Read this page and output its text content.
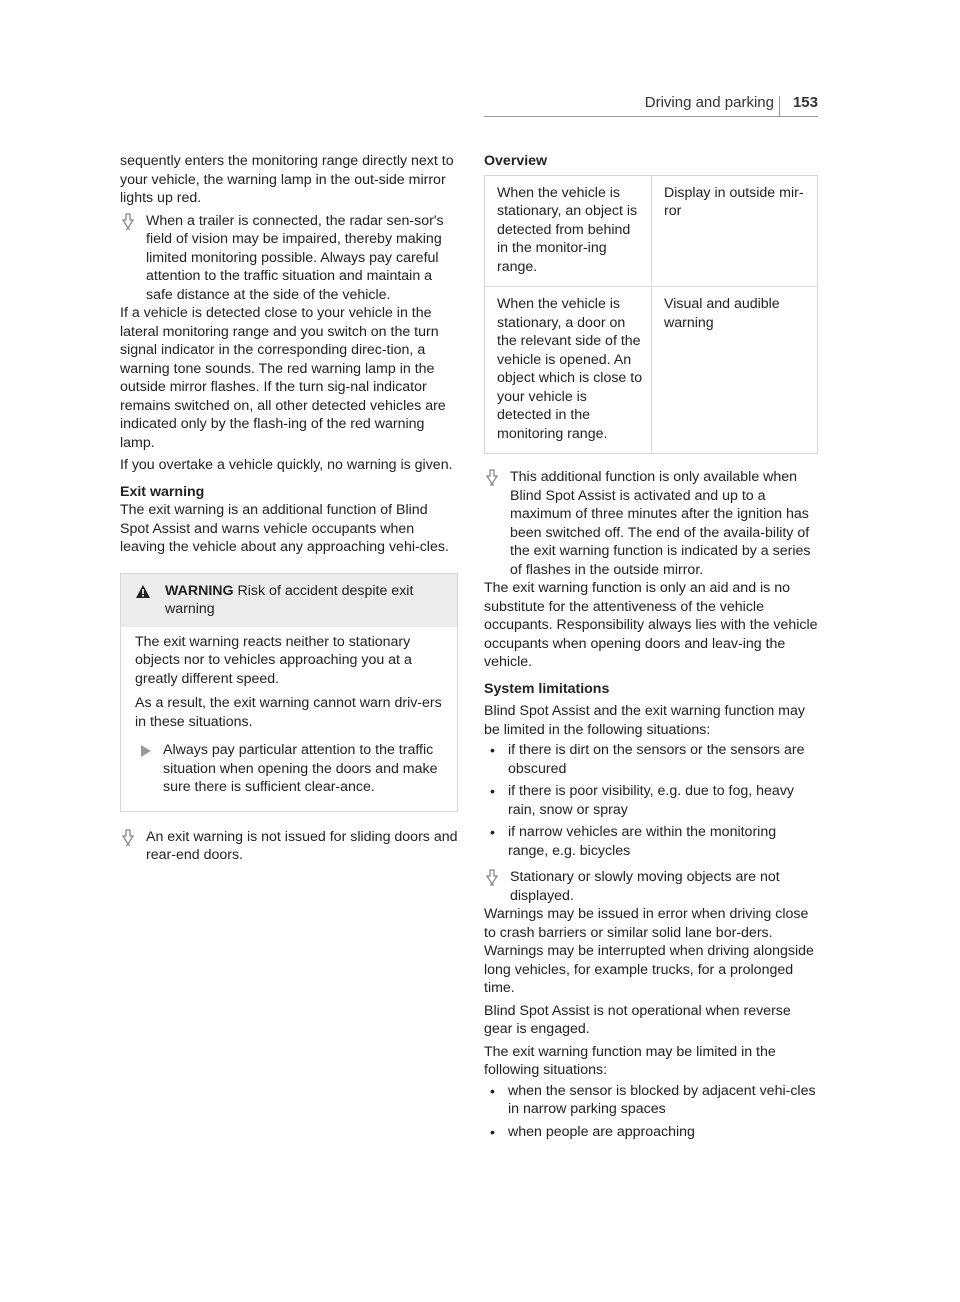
Driving and parking 153

sequently enters the monitoring range directly next to your vehicle, the warning lamp in the out-side mirror lights up red.

When a trailer is connected, the radar sen-sor's field of vision may be impaired, thereby making limited monitoring possible. Always pay careful attention to the traffic situation and maintain a safe distance at the side of the vehicle.

If a vehicle is detected close to your vehicle in the lateral monitoring range and you switch on the turn signal indicator in the corresponding direc-tion, a warning tone sounds. The red warning lamp in the outside mirror flashes. If the turn sig-nal indicator remains switched on, all other detected vehicles are indicated only by the flash-ing of the red warning lamp.

If you overtake a vehicle quickly, no warning is given.

Exit warning

The exit warning is an additional function of Blind Spot Assist and warns vehicle occupants when leaving the vehicle about any approaching vehi-cles.

WARNING Risk of accident despite exit warning

The exit warning reacts neither to stationary objects nor to vehicles approaching you at a greatly different speed.

As a result, the exit warning cannot warn driv-ers in these situations.

Always pay particular attention to the traffic situation when opening the doors and make sure there is sufficient clear-ance.
An exit warning is not issued for sliding doors and rear-end doors.

Overview

When the vehicle is stationary, an object is detected from behind in the monitor-ing range.	Display in outside mir-ror
When the vehicle is stationary, a door on the relevant side of the vehicle is opened. An object which is close to your vehicle is detected in the monitoring range.	Visual and audible warning
This additional function is only available when Blind Spot Assist is activated and up to a maximum of three minutes after the ignition has been switched off. The end of the availa-bility of the exit warning function is indicated by a series of flashes in the outside mirror.

The exit warning function is only an aid and is no substitute for the attentiveness of the vehicle occupants. Responsibility always lies with the vehicle occupants when opening doors and leav-ing the vehicle.

System limitations

Blind Spot Assist and the exit warning function may be limited in the following situations:

• if there is dirt on the sensors or the sensors are obscured
• if there is poor visibility, e.g. due to fog, heavy rain, snow or spray
• if narrow vehicles are within the monitoring range, e.g. bicycles
Stationary or slowly moving objects are not displayed.

Warnings may be issued in error when driving close to crash barriers or similar solid lane bor-ders. Warnings may be interrupted when driving alongside long vehicles, for example trucks, for a prolonged time.

Blind Spot Assist is not operational when reverse gear is engaged.

The exit warning function may be limited in the following situations:

• when the sensor is blocked by adjacent vehi-cles in narrow parking spaces
• when people are approaching
